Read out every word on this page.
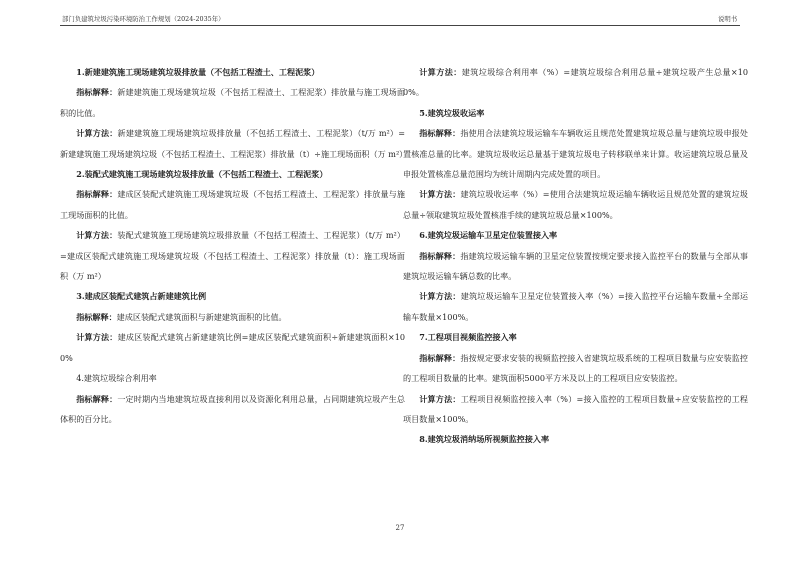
部门负建筑垃圾污染环境防治工作规划（2024-2035年）	说明书

1.新建建筑施工现场建筑垃圾排放量（不包括工程渣土、工程泥浆）

指标解释：新建建筑施工现场建筑垃圾（不包括工程渣土、工程泥浆）排放量与施工现场面积的比值。

计算方法：新建建筑施工现场建筑垃圾排放量（不包括工程渣土、工程泥浆）（t/万 m²）=新建建筑施工现场建筑垃圾（不包括工程渣土、工程泥浆）排放量（t）÷施工现场面积（万 m²）

2.装配式建筑施工现场建筑垃圾排放量（不包括工程渣土、工程泥浆）

指标解释：建成区装配式建筑施工现场建筑垃圾（不包括工程渣土、工程泥浆）排放量与施工现场面积的比值。

计算方法：装配式建筑施工现场建筑垃圾排放量（不包括工程渣土、工程泥浆）（t/万 m²）=建成区装配式建筑施工现场建筑垃圾（不包括工程渣土、工程泥浆）排放量（t）：施工现场面积（万 m²）

3.建成区装配式建筑占新建建筑比例

指标解释：建成区装配式建筑面积与新建建筑面积的比值。

计算方法：建成区装配式建筑占新建建筑比例=建成区装配式建筑面积÷新建建筑面积×100%

4.建筑垃圾综合利用率

指标解释：一定时期内当地建筑垃圾直接利用以及资源化利用总量，占同期建筑垃圾产生总体积的百分比。

计算方法：建筑垃圾综合利用率（%）=建筑垃圾综合利用总量÷建筑垃圾产生总量×100%。

5.建筑垃圾收运率

指标解释：指使用合法建筑垃圾运输车车辆收运且规范处置建筑垃圾总量与建筑垃圾申报处置核准总量的比率。建筑垃圾收运总量基于建筑垃圾电子转移联单来计算。收运建筑垃圾总量及申报处置核准总量范围均为统计周期内完成处置的项目。

计算方法：建筑垃圾收运率（%）=使用合法建筑垃圾运输车辆收运且规范处置的建筑垃圾总量÷领取建筑垃圾处置核准手续的建筑垃圾总量×100%。

6.建筑垃圾运输车卫星定位装置接入率

指标解释：指建筑垃圾运输车辆的卫星定位装置按规定要求接入监控平台的数量与全部从事建筑垃圾运输车辆总数的比率。

计算方法：建筑垃圾运输车卫星定位装置接入率（%）=接入监控平台运输车数量÷全部运输车数量×100%。

7.工程项目视频监控接入率

指标解释：指按规定要求安装的视频监控接入省建筑垃圾系统的工程项目数量与应安装监控的工程项目数量的比率。建筑面积5000平方米及以上的工程项目应安装监控。

计算方法：工程项目视频监控接入率（%）=接入监控的工程项目数量÷应安装监控的工程项目数量×100%。

8.建筑垃圾消纳场所视频监控接入率

27
